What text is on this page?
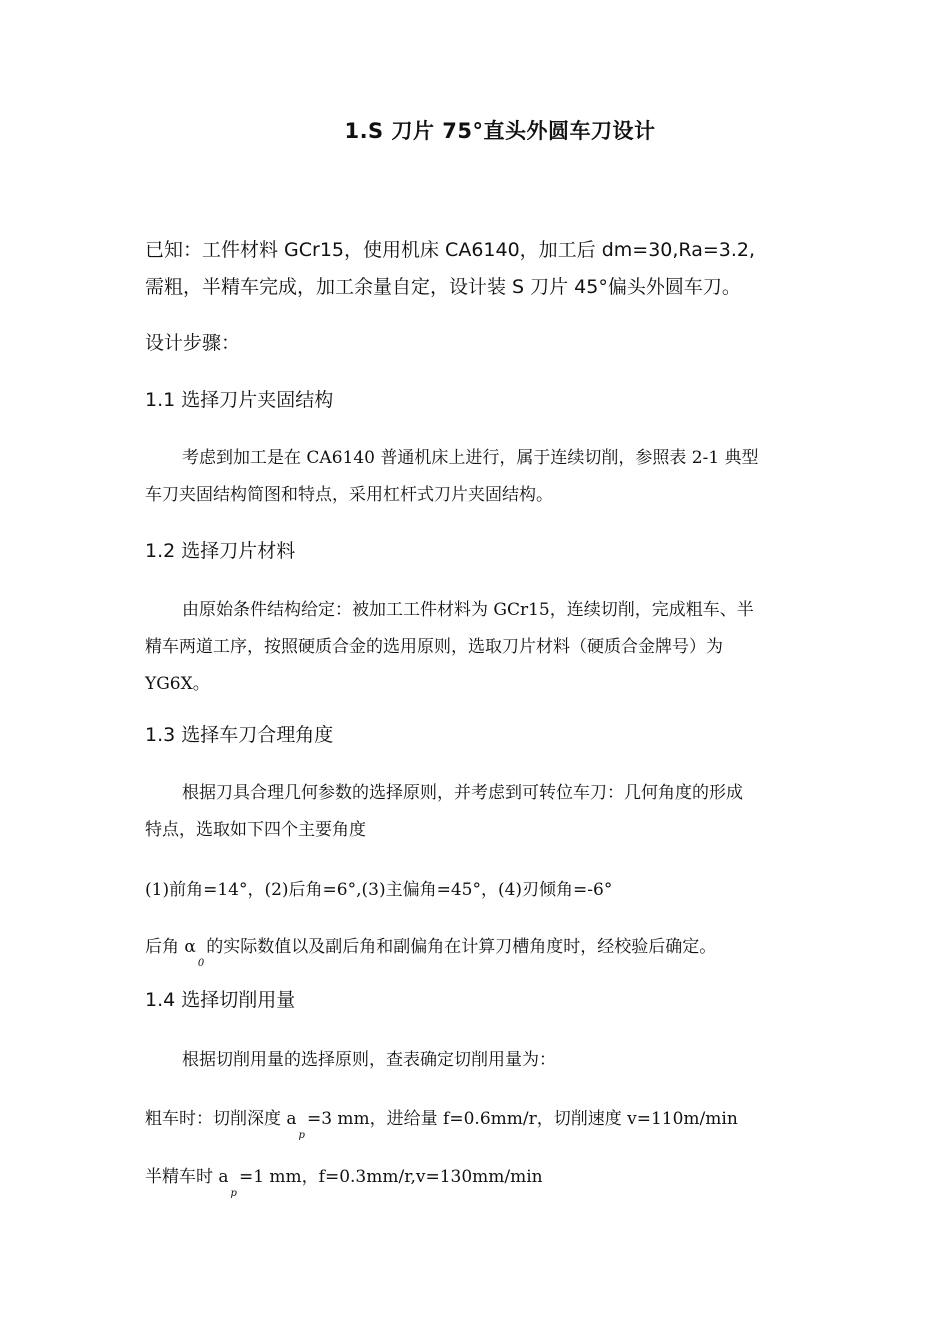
1.S 刀片 75°直头外圆车刀设计
已知：工件材料 GCr15，使用机床 CA6140，加工后 dm=30,Ra=3.2,
需粗，半精车完成，加工余量自定，设计装 S 刀片 45°偏头外圆车刀。
设计步骤：
1.1 选择刀片夹固结构
考虑到加工是在 CA6140 普通机床上进行，属于连续切削，参照表 2-1 典型
车刀夹固结构简图和特点，采用杠杆式刀片夹固结构。
1.2 选择刀片材料
由原始条件结构给定：被加工工件材料为 GCr15，连续切削，完成粗车、半
精车两道工序，按照硬质合金的选用原则，选取刀片材料（硬质合金牌号）为
YG6X。
1.3 选择车刀合理角度
根据刀具合理几何参数的选择原则，并考虑到可转位车刀：几何角度的形成
特点，选取如下四个主要角度
(1)前角=14°，(2)后角=6°,(3)主偏角=45°，(4)刃倾角=-6°
后角 $\alpha_0$的实际数值以及副后角和副偏角在计算刀槽角度时，经校验后确定。
1.4 选择切削用量
根据切削用量的选择原则，查表确定切削用量为：
粗车时：切削深度 $a_p=3$ mm，进给量 f=0.6mm/r，切削速度 v=110m/min
半精车时 $a_p=1$ mm，f=0.3mm/r,v=130mm/min
